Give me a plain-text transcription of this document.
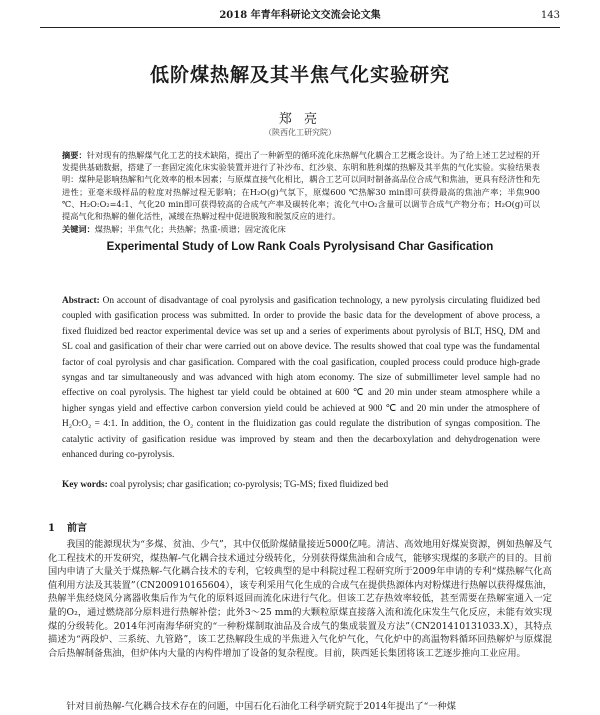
2018 年青年科研论文交流会论文集	143
低阶煤热解及其半焦气化实验研究
郑 亮
（陕西化工研究院）
摘要：针对现有的热解煤气化工艺的技术缺陷，提出了一种新型的循环流化床热解气化耦合工艺概念设计。为了给上述工艺过程的开发提供基础数据，搭建了一套固定流化床实验装置并进行了补沙布、红沙泉、东明和胜利煤的热解及其半焦的气化实验。实验结果表明：煤种是影响热解和气化效率的根本因素；与原煤直接气化相比，耦合工艺可以同时制备高品位合成气和焦油，更具有经济性和先进性；亚毫米级样品的粒度对热解过程无影响；在H₂O(g)气氛下，原煤600 ℃热解30 min即可获得最高的焦油产率；半焦900 ℃、H₂O:O₂=4:1、气化20 min即可获得较高的合成气产率及碳转化率；流化气中O₂含量可以调节合成气产物分布；H₂O(g)可以提高气化和热解的催化活性，减缓在热解过程中促进脱羧和脱氢反应的进行。
关键词：煤热解；半焦气化；共热解；热重-质谱；固定流化床
Experimental Study of Low Rank Coals Pyrolysisand Char Gasification
Abstract: On account of disadvantage of coal pyrolysis and gasification technology, a new pyrolysis circulating fluidized bed coupled with gasification process was submitted. In order to provide the basic data for the development of above process, a fixed fluidized bed reactor experimental device was set up and a series of experiments about pyrolysis of BLT, HSQ, DM and SL coal and gasification of their char were carried out on above device. The results showed that coal type was the fundamental factor of coal pyrolysis and char gasification. Compared with the coal gasification, coupled process could produce high-grade syngas and tar simultaneously and was advanced with high atom economy. The size of submillimeter level sample had no effective on coal pyrolysis. The highest tar yield could be obtained at 600 ℃ and 20 min under steam atmosphere while a higher syngas yield and effective carbon conversion yield could be achieved at 900 ℃ and 20 min under the atmosphere of H₂O:O₂ = 4:1. In addition, the O₂ content in the fluidization gas could regulate the distribution of syngas composition. The catalytic activity of gasification residue was improved by steam and then the decarboxylation and dehydrogenation were enhanced during co-pyrolysis.
Key words: coal pyrolysis; char gasification; co-pyrolysis; TG-MS; fixed fluidized bed
1 前言

我国的能源现状为“多煤、贫油、少气”，其中仅低阶煤储量接近5000亿吨。清洁、高效地用好煤炭资源，例如热解及气化工程技术的开发研究，煤热解-气化耦合技术通过分级转化，分别获得煤焦油和合成气，能够实现煤的多联产的目的。目前国内申请了大量关于煤热解-气化耦合技术的专利，它较典型的是中科院过程工程研究所于2009年申请的专利“煤热解气化高值利用方法及其装置”（CN200910165604），该专利采用气化生成的合成气在提供热源体内对粉煤进行热解以获得煤焦油，热解半焦经烧风分离器收集后作为气化的原料返回而流化床进行气化。但该工艺存热效率较低，甚至需要在热解室通入一定量的O₂，通过燃烧部分原料进行热解补偿；此外3～25 mm的大颗粒原煤直接落入流和流化床发生气化反应，未能有效实现煤的分级转化。2014年河南海华研究的“一种粉煤制取油品及合成气的集成装置及方法”（CN201410131033.X），其特点描述为“两段炉、三系统、九管路”，该工艺热解段生成的半焦进入气化炉气化，气化炉中的高温物料循环回热解炉与原煤混合后热解制备焦油，但炉体内大量的内构件增加了设备的复杂程度。目前，陕西延长集团将该工艺逐步推向工业应用。

针对目前热解-气化耦合技术存在的问题，中国石化石油化工科学研究院于2014年提出了“一种煤
